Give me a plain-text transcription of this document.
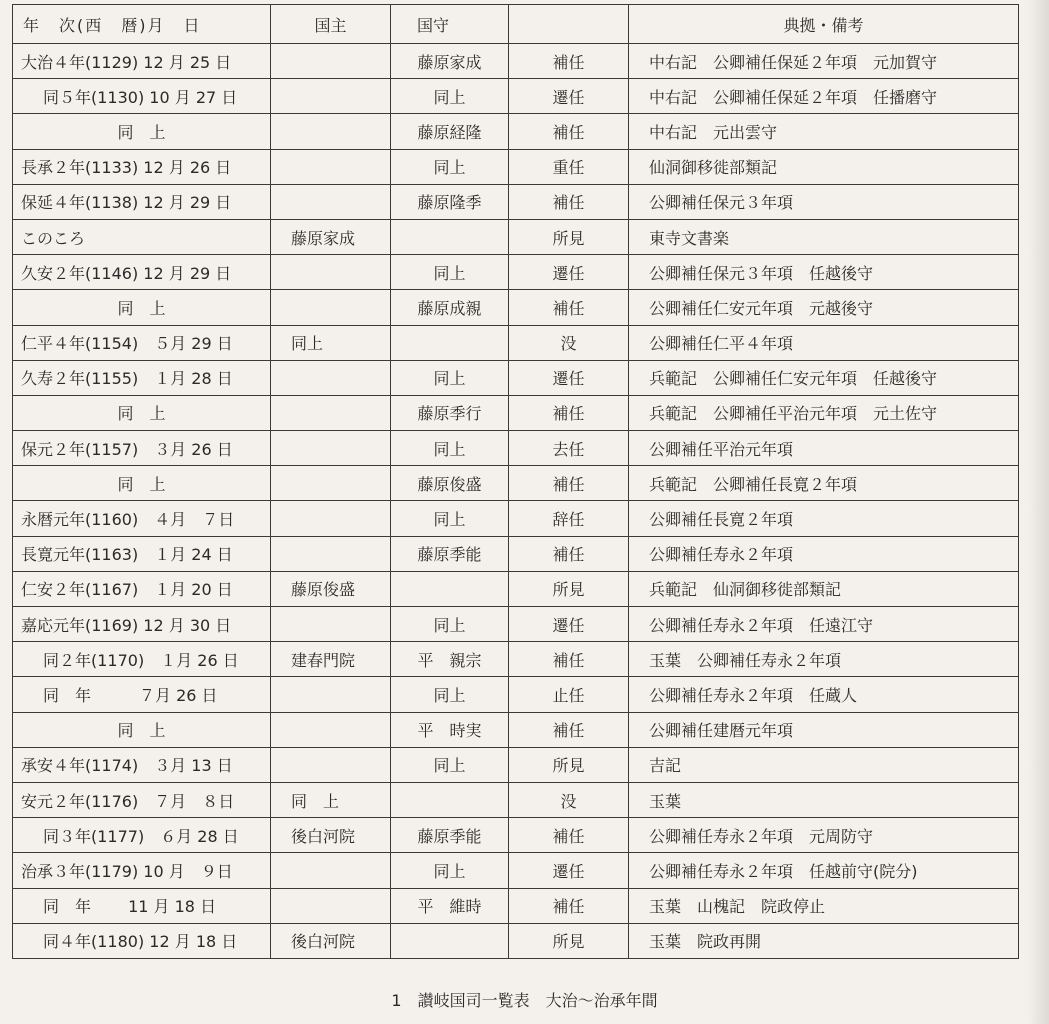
年　次(西　暦)月　日	国主	国守		典拠・備考
大治４年(1129) 12 月 25 日		藤原家成	補任	中右記　公卿補任保延２年項　元加賀守
同５年(1130) 10 月 27 日		同上	遷任	中右記　公卿補任保延２年項　任播磨守
同　上		藤原経隆	補任	中右記　元出雲守
長承２年(1133) 12 月 26 日		同上	重任	仙洞御移徙部類記
保延４年(1138) 12 月 29 日		藤原隆季	補任	公卿補任保元３年項
このころ	藤原家成		所見	東寺文書楽
久安２年(1146) 12 月 29 日		同上	遷任	公卿補任保元３年項　任越後守
同　上		藤原成親	補任	公卿補任仁安元年項　元越後守
仁平４年(1154)　５月 29 日	同上		没	公卿補任仁平４年項
久寿２年(1155)　１月 28 日		同上	遷任	兵範記　公卿補任仁安元年項　任越後守
同　上		藤原季行	補任	兵範記　公卿補任平治元年項　元土佐守
保元２年(1157)　３月 26 日		同上	去任	公卿補任平治元年項
同　上		藤原俊盛	補任	兵範記　公卿補任長寛２年項
永暦元年(1160)　４月　７日		同上	辞任	公卿補任長寛２年項
長寛元年(1163)　１月 24 日		藤原季能	補任	公卿補任寿永２年項
仁安２年(1167)　１月 20 日	藤原俊盛		所見	兵範記　仙洞御移徙部類記
嘉応元年(1169) 12 月 30 日		同上	遷任	公卿補任寿永２年項　任遠江守
同２年(1170)　１月 26 日	建春門院	平　親宗	補任	玉葉　公卿補任寿永２年項
同　年　　　７月 26 日		同上	止任	公卿補任寿永２年項　任蔵人
同　上		平　時実	補任	公卿補任建暦元年項
承安４年(1174)　３月 13 日		同上	所見	吉記
安元２年(1176)　７月　８日	同　上		没	玉葉
同３年(1177)　６月 28 日	後白河院	藤原季能	補任	公卿補任寿永２年項　元周防守
治承３年(1179) 10 月　９日		同上	遷任	公卿補任寿永２年項　任越前守(院分)
同　年　　 11 月 18 日		平　維時	補任	玉葉　山槐記　院政停止
同４年(1180) 12 月 18 日	後白河院		所見	玉葉　院政再開
1　讃岐国司一覧表　大治～治承年間
